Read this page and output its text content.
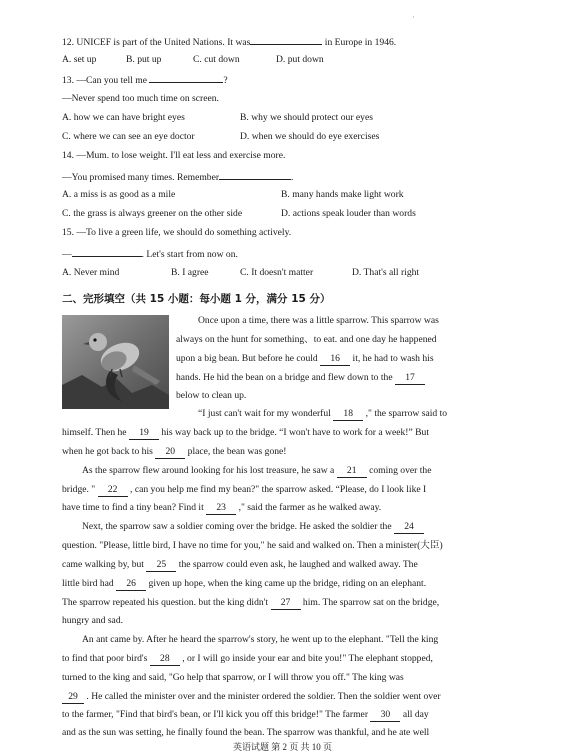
·
12. UNICEF is part of the United Nations. It was	in Europe in 1946.
A. set up	B. put up	C. cut down	D. put down
13. —Can you tell me	?
—Never spend too much time on screen.
A. how we can have bright eyes	B. why we should protect our eyes
C. where we can see an eye doctor	D. when we should do eye exercises
14. —Mum. to lose weight. I'll eat less and exercise more.
—You promised many times. Remember	.
A. a miss is as good as a mile	B. many hands make light work
C. the grass is always greener on the other side	D. actions speak louder than words
15. —To live a green life, we should do something actively.
—	. Let's start from now on.
A. Never mind	B. I agree	C. It doesn't matter	D. That's all right
二、完形填空（共 15 小题：每小题 1 分，满分 15 分）
Once upon a time, there was a little sparrow. This sparrow was
always on the hunt for something、to eat. and one day he happened
upon a big bean. But before he could 16 it, he had to wash his
hands. He hid the bean on a bridge and flew down to the 17
below to clean up.
“I just can't wait for my wonderful 18 ," the sparrow said to
himself. Then he 19 his way back up to the bridge. “I won't have to work for a week!” But
when he got back to his 20 place, the bean was gone!
As the sparrow flew around looking for his lost treasure, he saw a 21 coming over the
bridge. " 22 , can you help me find my bean?" the sparrow asked. “Please, do I look like I
have time to find a tiny bean? Find it 23 ," said the farmer as he walked away.
Next, the sparrow saw a soldier coming over the bridge. He asked the soldier the 24
question. "Please, little bird, I have no time for you," he said and walked on. Then a minister(大臣)
came walking by, but 25 the sparrow could even ask, he laughed and walked away. The
little bird had 26 given up hope, when the king came up the bridge, riding on an elephant.
The sparrow repeated his question. but the king didn't 27 him. The sparrow sat on the bridge,
hungry and sad.
An ant came by. After he heard the sparrow's story, he went up to the elephant. "Tell the king
to find that poor bird's 28 , or I will go inside your ear and bite you!" The elephant stopped,
turned to the king and said, "Go help that sparrow, or I will throw you off." The king was
29 . He called the minister over and the minister ordered the soldier. Then the soldier went over
to the farmer, "Find that bird's bean, or I'll kick you off this bridge!" The farmer 30 all day
and as the sun was setting, he finally found the bean. The sparrow was thankful, and he ate well
英语试题 第 2 页 共 10 页
